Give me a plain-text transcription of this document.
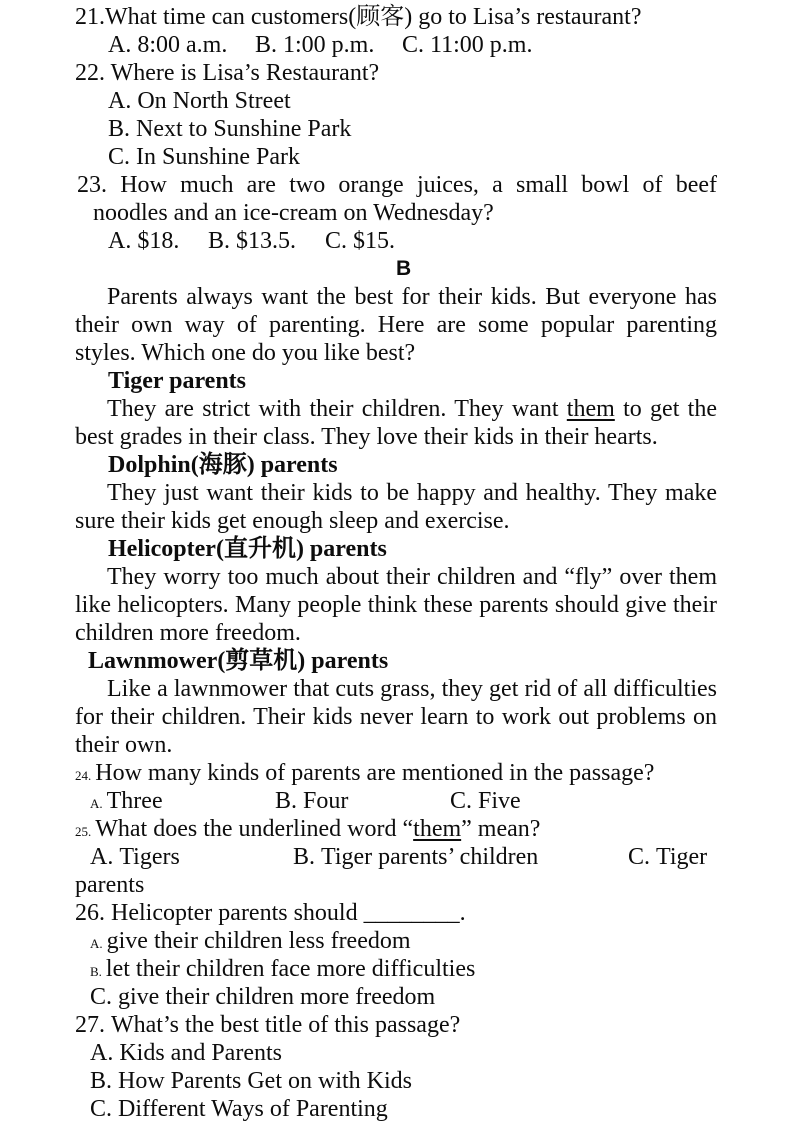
21.What time can customers(顾客) go to Lisa’s restaurant?
A. 8:00 a.m. B. 1:00 p.m. C. 11:00 p.m.
22. Where is Lisa’s Restaurant?
A. On North Street
B. Next to Sunshine Park
C. In Sunshine Park
23. How much are two orange juices, a small bowl of beef
noodles and an ice-cream on Wednesday?
A. $18. B. $13.5. C. $15.
B
Parents always want the best for their kids. But everyone has
their own way of parenting. Here are some popular parenting
styles. Which one do you like best?
Tiger parents
They are strict with their children. They want them to get the
best grades in their class. They love their kids in their hearts.
Dolphin(海豚) parents
They just want their kids to be happy and healthy. They make
sure their kids get enough sleep and exercise.
Helicopter(直升机) parents
They worry too much about their children and “fly” over them
like helicopters. Many people think these parents should give their
children more freedom.
Lawnmower(剪草机) parents
Like a lawnmower that cuts grass, they get rid of all difficulties
for their children. Their kids never learn to work out problems on
their own.
24. How many kinds of parents are mentioned in the passage?
A. Three	B. Four	C. Five
25. What does the underlined word “them” mean?
A. Tigers	B. Tiger parents’ children	C. Tiger
parents
26. Helicopter parents should ________.
A. give their children less freedom
B. let their children face more difficulties
C. give their children more freedom
27. What’s the best title of this passage?
A. Kids and Parents
B. How Parents Get on with Kids
C. Different Ways of Parenting
